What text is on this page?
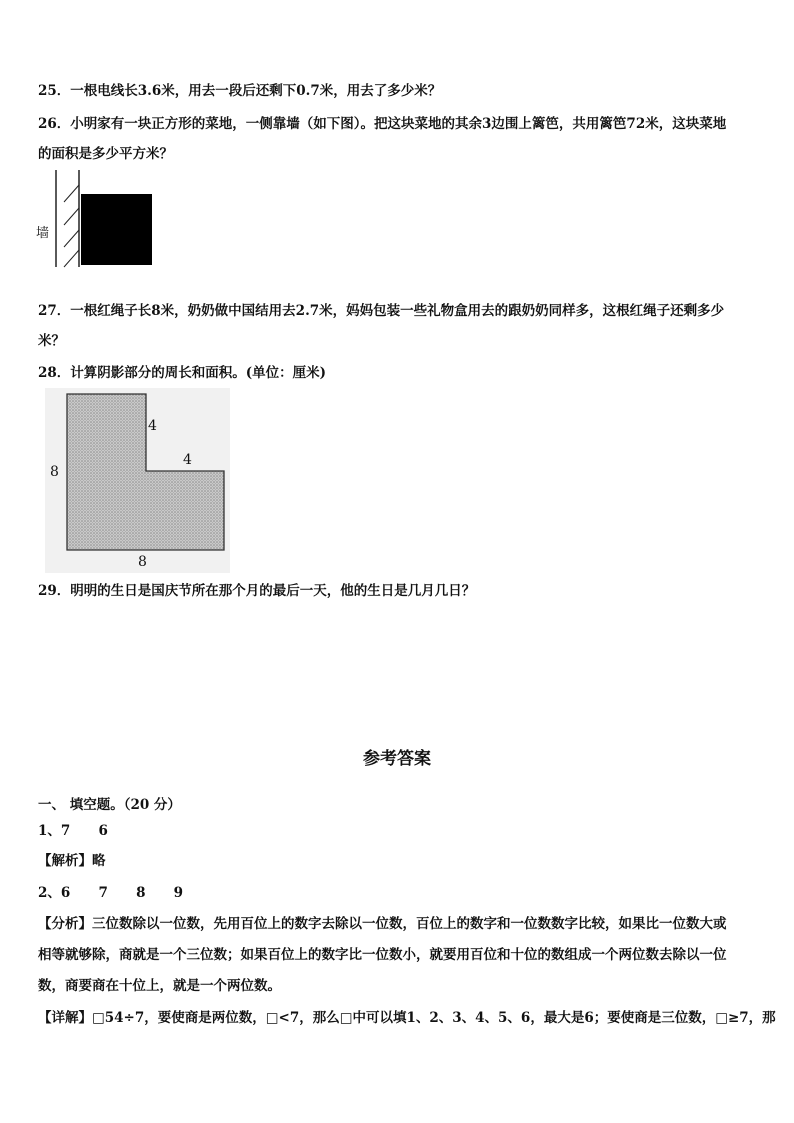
25．一根电线长3.6米，用去一段后还剩下0.7米，用去了多少米？
26．小明家有一块正方形的菜地，一侧靠墙（如下图）。把这块菜地的其余3边围上篱笆，共用篱笆72米，这块菜地
的面积是多少平方米？
墙
27．一根红绳子长8米，奶奶做中国结用去2.7米，妈妈包装一些礼物盒用去的跟奶奶同样多，这根红绳子还剩多少
米？
28．计算阴影部分的周长和面积。(单位：厘米)
8
4
4
8
29．明明的生日是国庆节所在那个月的最后一天，他的生日是几月几日？
参考答案
一、 填空题。（20 分）
1、7      6
【解析】略
2、6      7      8      9
【分析】三位数除以一位数，先用百位上的数字去除以一位数，百位上的数字和一位数数字比较，如果比一位数大或
相等就够除，商就是一个三位数；如果百位上的数字比一位数小，就要用百位和十位的数组成一个两位数去除以一位
数，商要商在十位上，就是一个两位数。
【详解】□54÷7，要使商是两位数，□<7，那么□中可以填1、2、3、4、5、6，最大是6；要使商是三位数，□≥7，那
